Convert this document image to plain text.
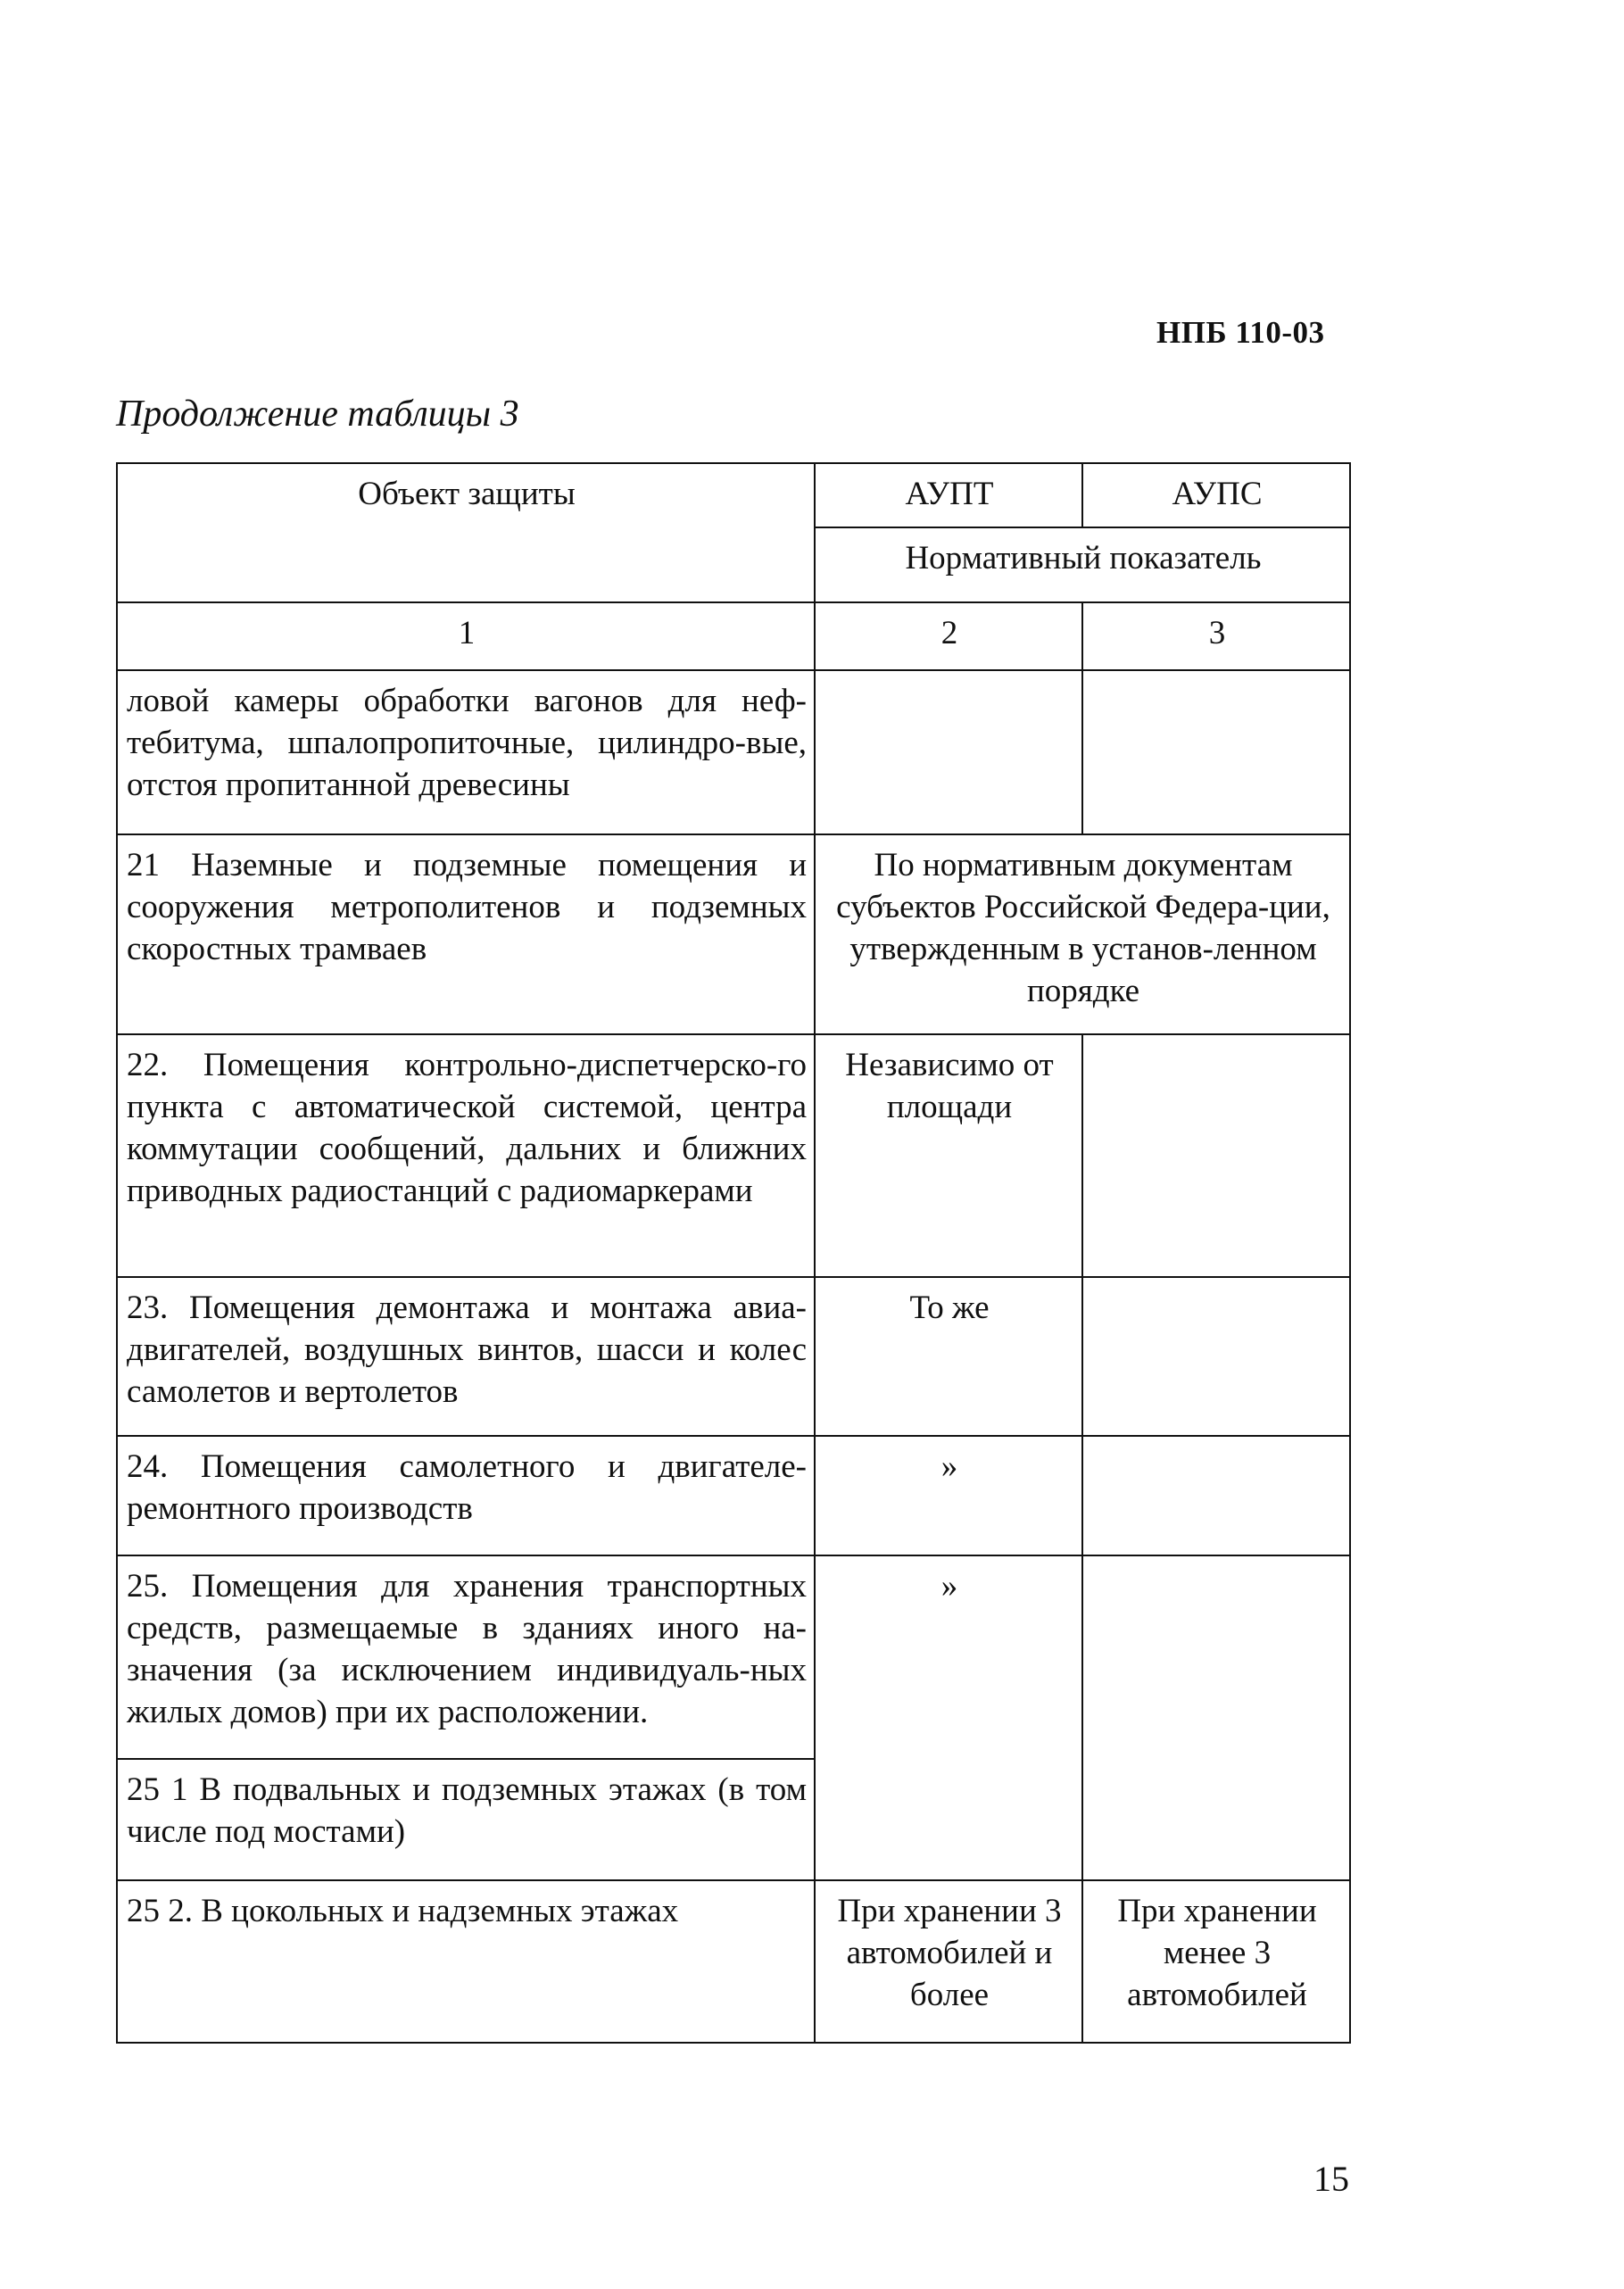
НПБ 110-03
Продолжение таблицы 3
Объект защиты	АУПТ	АУПС
	Нормативный показатель	
1	2	3
ловой камеры обработки вагонов для неф-тебитума, шпалопропиточные, цилиндро-вые, отстоя пропитанной древесины		
21 Наземные и подземные помещения и сооружения метрополитенов и подземных скоростных трамваев	По нормативным документам субъектов Российской Федера-ции, утвержденным в установ-ленном порядке	
22. Помещения контрольно-диспетчерско-го пункта с автоматической системой, центра коммутации сообщений, дальних и ближних приводных радиостанций с радиомаркерами	Независимо от площади	
23. Помещения демонтажа и монтажа авиа-двигателей, воздушных винтов, шасси и колес самолетов и вертолетов	То же	
24. Помещения самолетного и двигателе-ремонтного производств	»	
25. Помещения для хранения транспортных средств, размещаемые в зданиях иного на-значения (за исключением индивидуаль-ных жилых домов) при их расположении.	»	
25 1 В подвальных и подземных этажах (в том числе под мостами)		
25 2. В цокольных и надземных этажах	При хранении 3 автомобилей и более	При хранении менее 3 автомобилей
15
